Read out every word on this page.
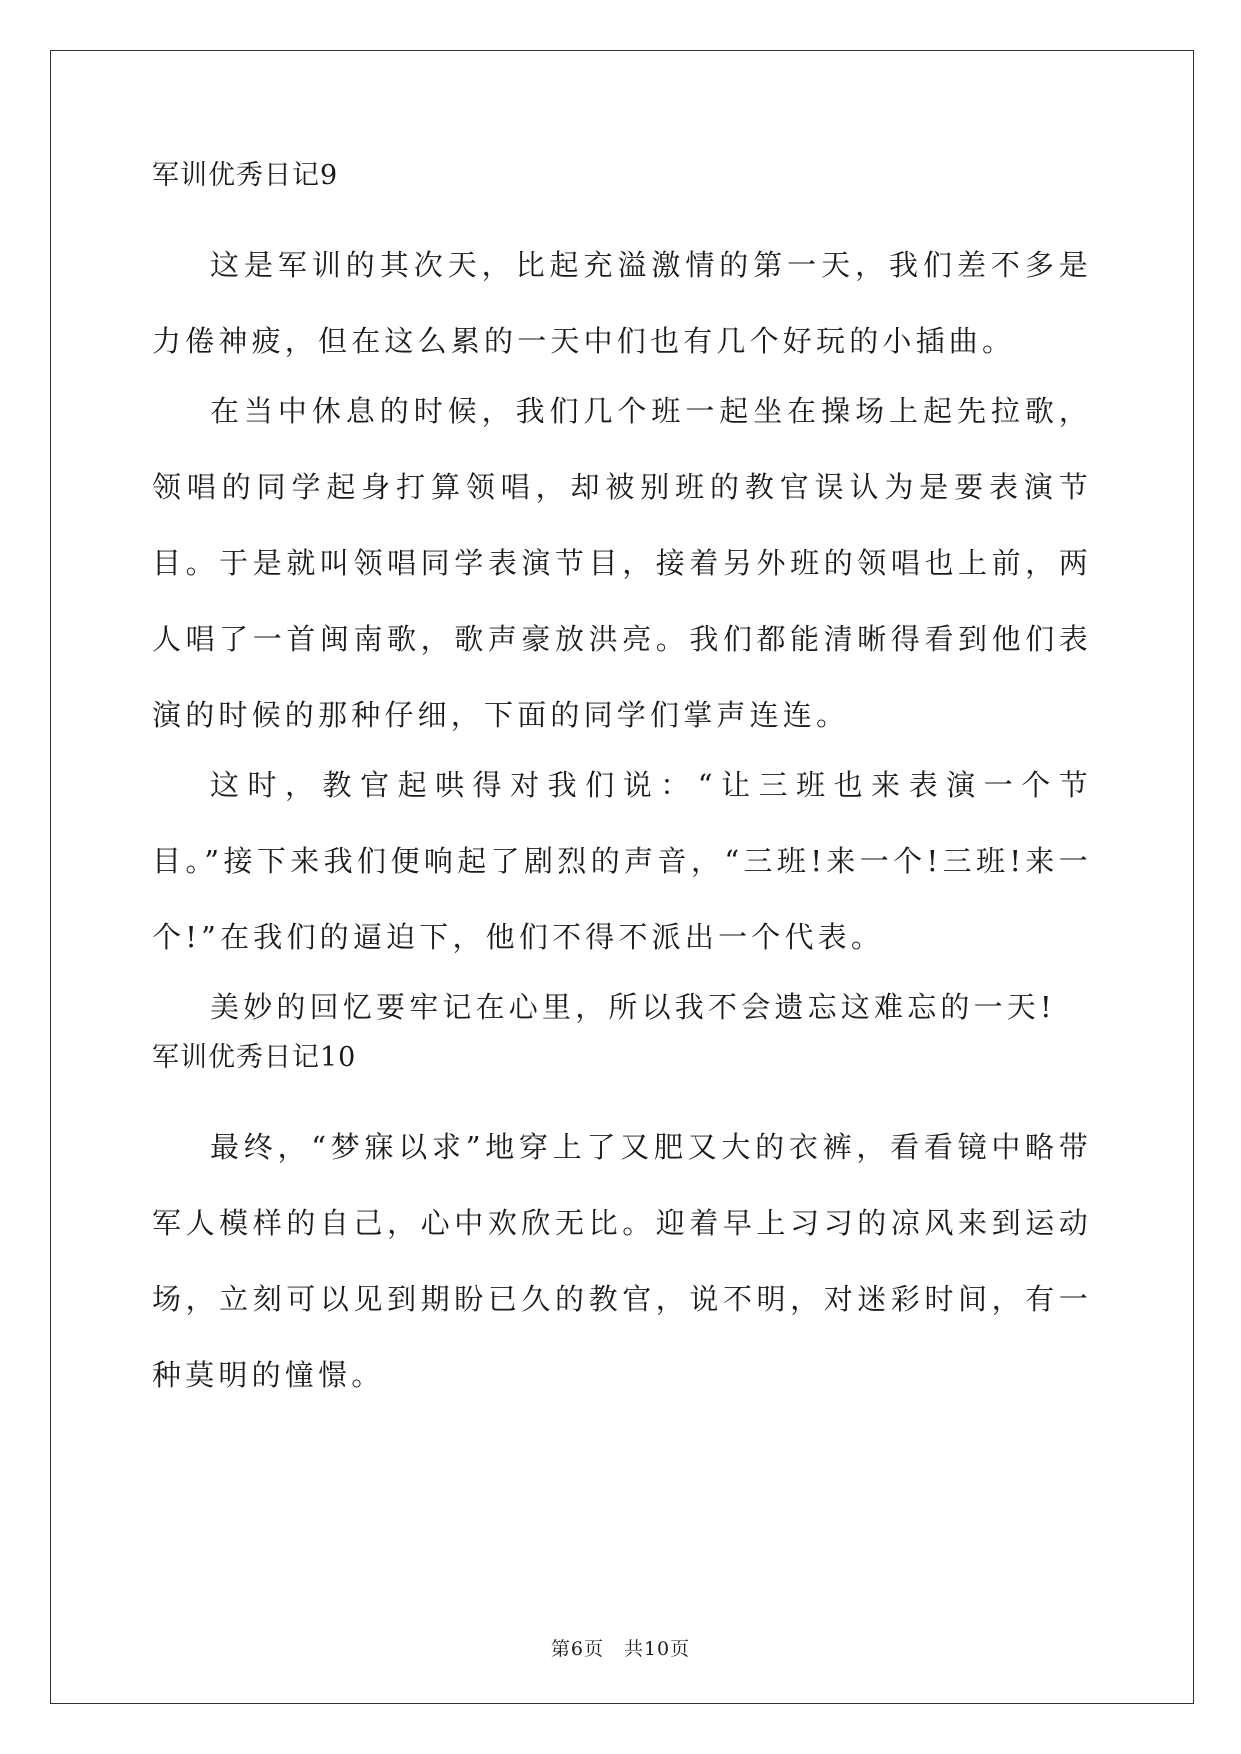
军训优秀日记9

这是军训的其次天，比起充溢激情的第一天，我们差不多是力倦神疲，但在这么累的一天中们也有几个好玩的小插曲。

在当中休息的时候，我们几个班一起坐在操场上起先拉歌，领唱的同学起身打算领唱，却被别班的教官误认为是要表演节目。于是就叫领唱同学表演节目，接着另外班的领唱也上前，两人唱了一首闽南歌，歌声豪放洪亮。我们都能清晰得看到他们表演的时候的那种仔细，下面的同学们掌声连连。

这时，教官起哄得对我们说：“让三班也来表演一个节目。”接下来我们便响起了剧烈的声音，“三班!来一个!三班!来一个!”在我们的逼迫下，他们不得不派出一个代表。

美妙的回忆要牢记在心里，所以我不会遗忘这难忘的一天!

军训优秀日记10

最终，“梦寐以求”地穿上了又肥又大的衣裤，看看镜中略带军人模样的自己，心中欢欣无比。迎着早上习习的凉风来到运动场，立刻可以见到期盼已久的教官，说不明，对迷彩时间，有一种莫明的憧憬。

第6页　共10页
